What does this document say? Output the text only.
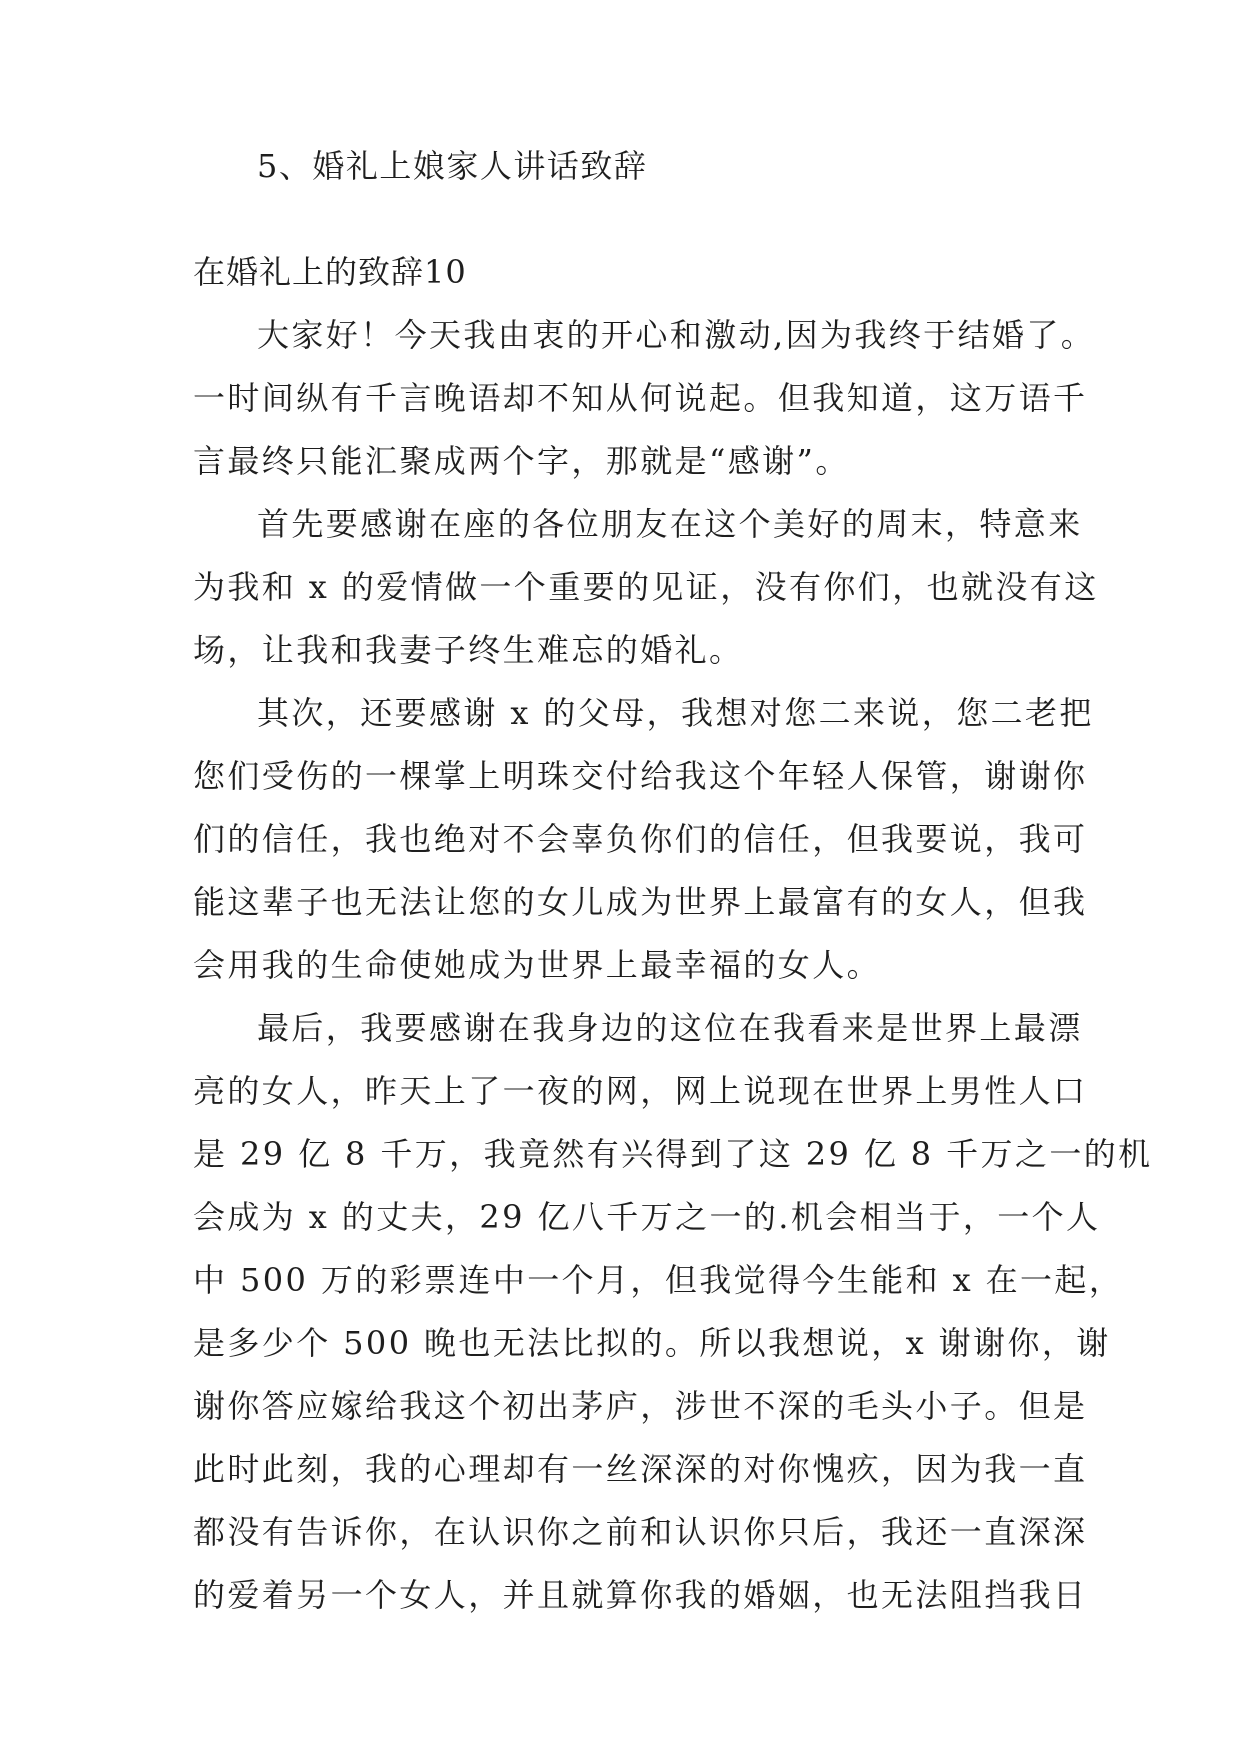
5、婚礼上娘家人讲话致辞
在婚礼上的致辞10
大家好！今天我由衷的开心和激动,因为我终于结婚了。
一时间纵有千言晚语却不知从何说起。但我知道，这万语千
言最终只能汇聚成两个字，那就是“感谢”。
首先要感谢在座的各位朋友在这个美好的周末，特意来
为我和 x 的爱情做一个重要的见证，没有你们，也就没有这
场，让我和我妻子终生难忘的婚礼。
其次，还要感谢 x 的父母，我想对您二来说，您二老把
您们受伤的一棵掌上明珠交付给我这个年轻人保管，谢谢你
们的信任，我也绝对不会辜负你们的信任，但我要说，我可
能这辈子也无法让您的女儿成为世界上最富有的女人，但我
会用我的生命使她成为世界上最幸福的女人。
最后，我要感谢在我身边的这位在我看来是世界上最漂
亮的女人，昨天上了一夜的网，网上说现在世界上男性人口
是 29 亿 8 千万，我竟然有兴得到了这 29 亿 8 千万之一的机
会成为 x 的丈夫，29 亿八千万之一的.机会相当于，一个人
中 500 万的彩票连中一个月，但我觉得今生能和 x 在一起，
是多少个 500 晚也无法比拟的。所以我想说，x 谢谢你，谢
谢你答应嫁给我这个初出茅庐，涉世不深的毛头小子。但是
此时此刻，我的心理却有一丝深深的对你愧疚，因为我一直
都没有告诉你，在认识你之前和认识你只后，我还一直深深
的爱着另一个女人，并且就算你我的婚姻，也无法阻挡我日
